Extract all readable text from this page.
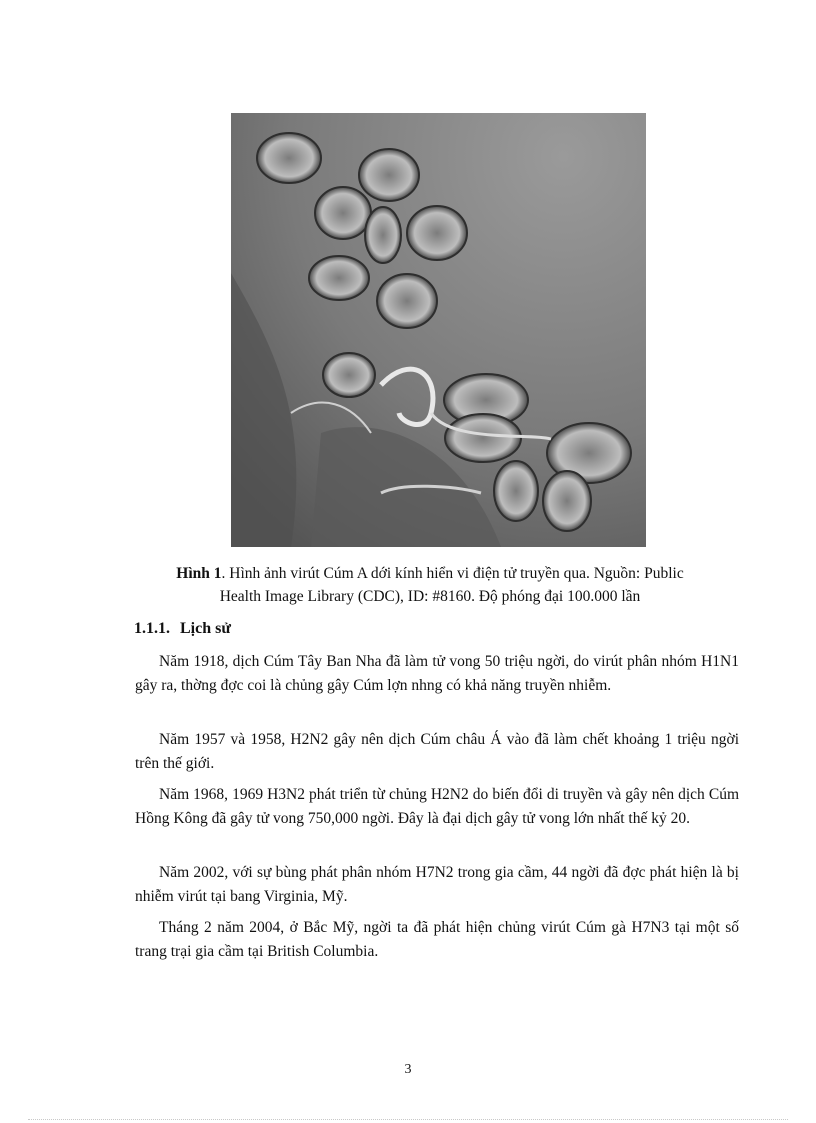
Hình 1. Hình ảnh virút Cúm A dới kính hiển vi điện tử truyền qua. Nguồn: Public
Health Image Library (CDC), ID: #8160. Độ phóng đại 100.000 lần
1.1.1. Lịch sử
Năm 1918, dịch Cúm Tây Ban Nha đã làm tử vong 50 triệu ngời, do virút phân nhóm H1N1 gây ra, thờng đợc coi là chủng gây Cúm lợn nhng có khả năng truyền nhiễm.
Năm 1957 và 1958, H2N2 gây nên dịch Cúm châu Á vào đã làm chết khoảng 1 triệu ngời trên thế giới.
Năm 1968, 1969 H3N2 phát triển từ chủng H2N2 do biến đổi di truyền và gây nên dịch Cúm Hồng Kông đã gây tử vong 750,000 ngời. Đây là đại dịch gây tử vong lớn nhất thế kỷ 20.
Năm 2002, với sự bùng phát phân nhóm H7N2 trong gia cầm, 44 ngời đã đợc phát hiện là bị nhiễm virút tại bang Virginia, Mỹ.
Tháng 2 năm 2004, ở Bắc Mỹ, ngời ta đã phát hiện chủng virút Cúm gà H7N3 tại một số trang trại gia cầm tại British Columbia.
3
